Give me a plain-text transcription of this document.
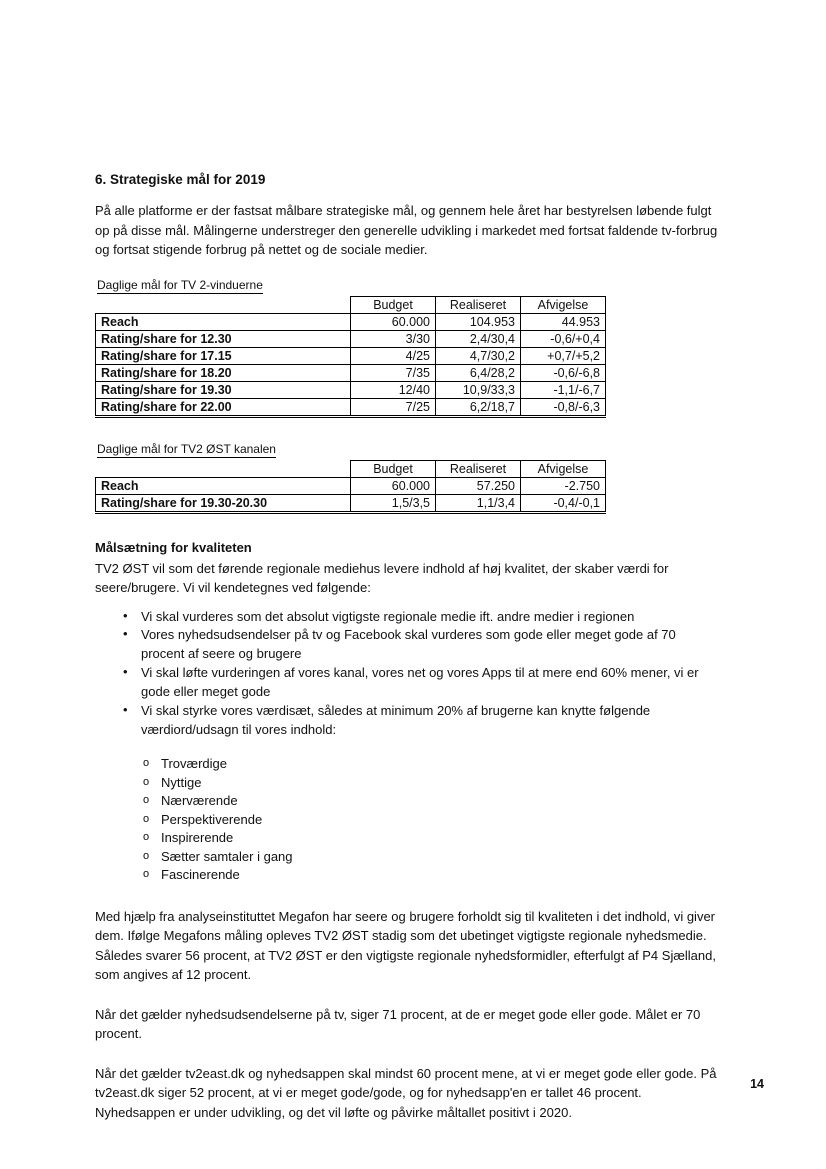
6. Strategiske mål for 2019

På alle platforme er der fastsat målbare strategiske mål, og gennem hele året har bestyrelsen løbende fulgt op på disse mål. Målingerne understreger den generelle udvikling i markedet med fortsat faldende tv-forbrug og fortsat stigende forbrug på nettet og de sociale medier.

Daglige mål for TV 2-vinduerne
	Budget	Realiseret	Afvigelse
Reach	60.000	104.953	44.953
Rating/share for 12.30	3/30	2,4/30,4	-0,6/+0,4
Rating/share for 17.15	4/25	4,7/30,2	+0,7/+5,2
Rating/share for 18.20	7/35	6,4/28,2	-0,6/-6,8
Rating/share for 19.30	12/40	10,9/33,3	-1,1/-6,7
Rating/share for 22.00	7/25	6,2/18,7	-0,8/-6,3
Daglige mål for TV2 ØST kanalen
	Budget	Realiseret	Afvigelse
Reach	60.000	57.250	-2.750
Rating/share for 19.30-20.30	1,5/3,5	1,1/3,4	-0,4/-0,1
Målsætning for kvaliteten

TV2 ØST vil som det førende regionale mediehus levere indhold af høj kvalitet, der skaber værdi for seere/brugere. Vi vil kendetegnes ved følgende:

• Vi skal vurderes som det absolut vigtigste regionale medie ift. andre medier i regionen
• Vores nyhedsudsendelser på tv og Facebook skal vurderes som gode eller meget gode af 70 procent af seere og brugere
• Vi skal løfte vurderingen af vores kanal, vores net og vores Apps til at mere end 60% mener, vi er gode eller meget gode
• Vi skal styrke vores værdisæt, således at minimum 20% af brugerne kan knytte følgende værdiord/udsagn til vores indhold:
o Troværdige
o Nyttige
o Nærværende
o Perspektiverende
o Inspirerende
o Sætter samtaler i gang
o Fascinerende

Med hjælp fra analyseinstituttet Megafon har seere og brugere forholdt sig til kvaliteten i det indhold, vi giver dem. Ifølge Megafons måling opleves TV2 ØST stadig som det ubetinget vigtigste regionale nyhedsmedie. Således svarer 56 procent, at TV2 ØST er den vigtigste regionale nyhedsformidler, efterfulgt af P4 Sjælland, som angives af 12 procent.

Når det gælder nyhedsudsendelserne på tv, siger 71 procent, at de er meget gode eller gode. Målet er 70 procent.

Når det gælder tv2east.dk og nyhedsappen skal mindst 60 procent mene, at vi er meget gode eller gode. På tv2east.dk siger 52 procent, at vi er meget gode/gode, og for nyhedsapp'en er tallet 46 procent. Nyhedsappen er under udvikling, og det vil løfte og påvirke måltallet positivt i 2020.

14
